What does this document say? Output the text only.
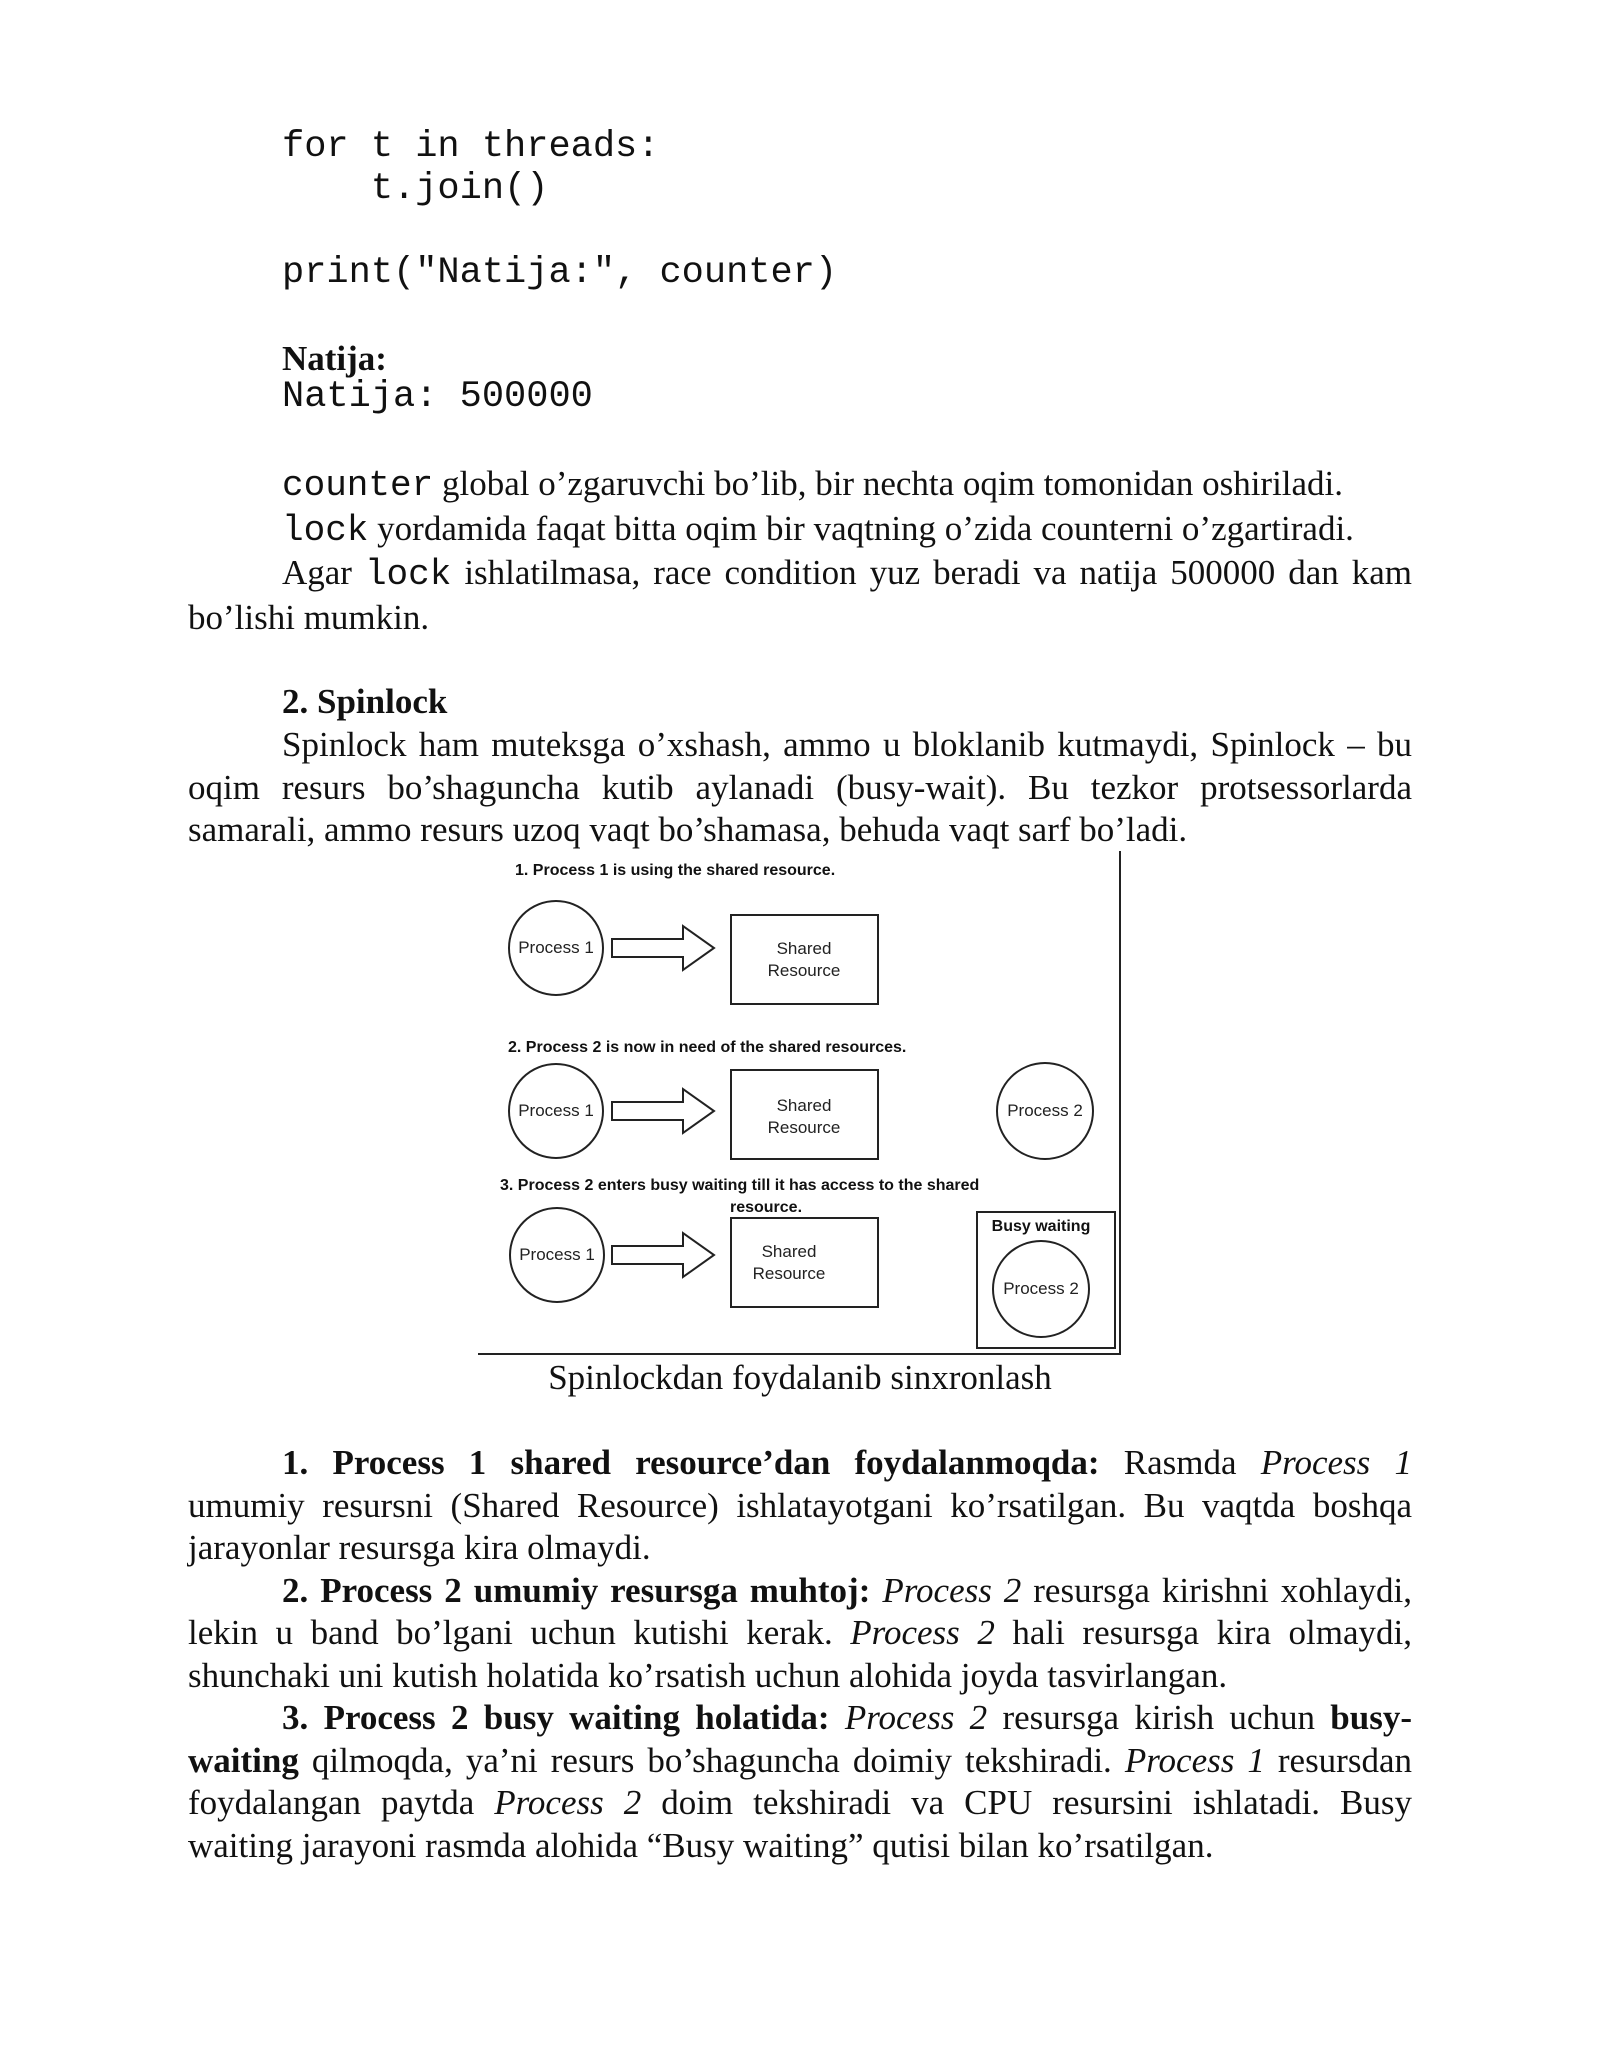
for t in threads:
t.join()
print("Natija:", counter)
Natija:
Natija: 500000

counter global o’zgaruvchi bo’lib, bir nechta oqim tomonidan oshiriladi.

lock yordamida faqat bitta oqim bir vaqtning o’zida counterni o’zgartiradi.

Agar lock ishlatilmasa, race condition yuz beradi va natija 500000 dan kam bo’lishi mumkin.

2. Spinlock

Spinlock ham muteksga o’xshash, ammo u bloklanib kutmaydi, Spinlock – bu oqim resurs bo’shaguncha kutib aylanadi (busy-wait). Bu tezkor protsessorlarda samarali, ammo resurs uzoq vaqt bo’shamasa, behuda vaqt sarf bo’ladi.

1. Process 1 is using the shared resource.
Process 1	Shared
Resource
2. Process 2 is now in need of the shared resources.
Process 1	Shared
Resource
Process 2
3. Process 2 enters busy waiting till it has access to the shared
resource.
Process 1	Shared
Resource
Busy waiting
Process 2
Spinlockdan foydalanib sinxronlash

1. Process 1 shared resource’dan foydalanmoqda: Rasmda Process 1 umumiy resursni (Shared Resource) ishlatayotgani ko’rsatilgan. Bu vaqtda boshqa jarayonlar resursga kira olmaydi.

2. Process 2 umumiy resursga muhtoj: Process 2 resursga kirishni xohlaydi, lekin u band bo’lgani uchun kutishi kerak. Process 2 hali resursga kira olmaydi, shunchaki uni kutish holatida ko’rsatish uchun alohida joyda tasvirlangan.

3. Process 2 busy waiting holatida: Process 2 resursga kirish uchun busy-waiting qilmoqda, ya’ni resurs bo’shaguncha doimiy tekshiradi. Process 1 resursdan foydalangan paytda Process 2 doim tekshiradi va CPU resursini ishlatadi. Busy waiting jarayoni rasmda alohida “Busy waiting” qutisi bilan ko’rsatilgan.
